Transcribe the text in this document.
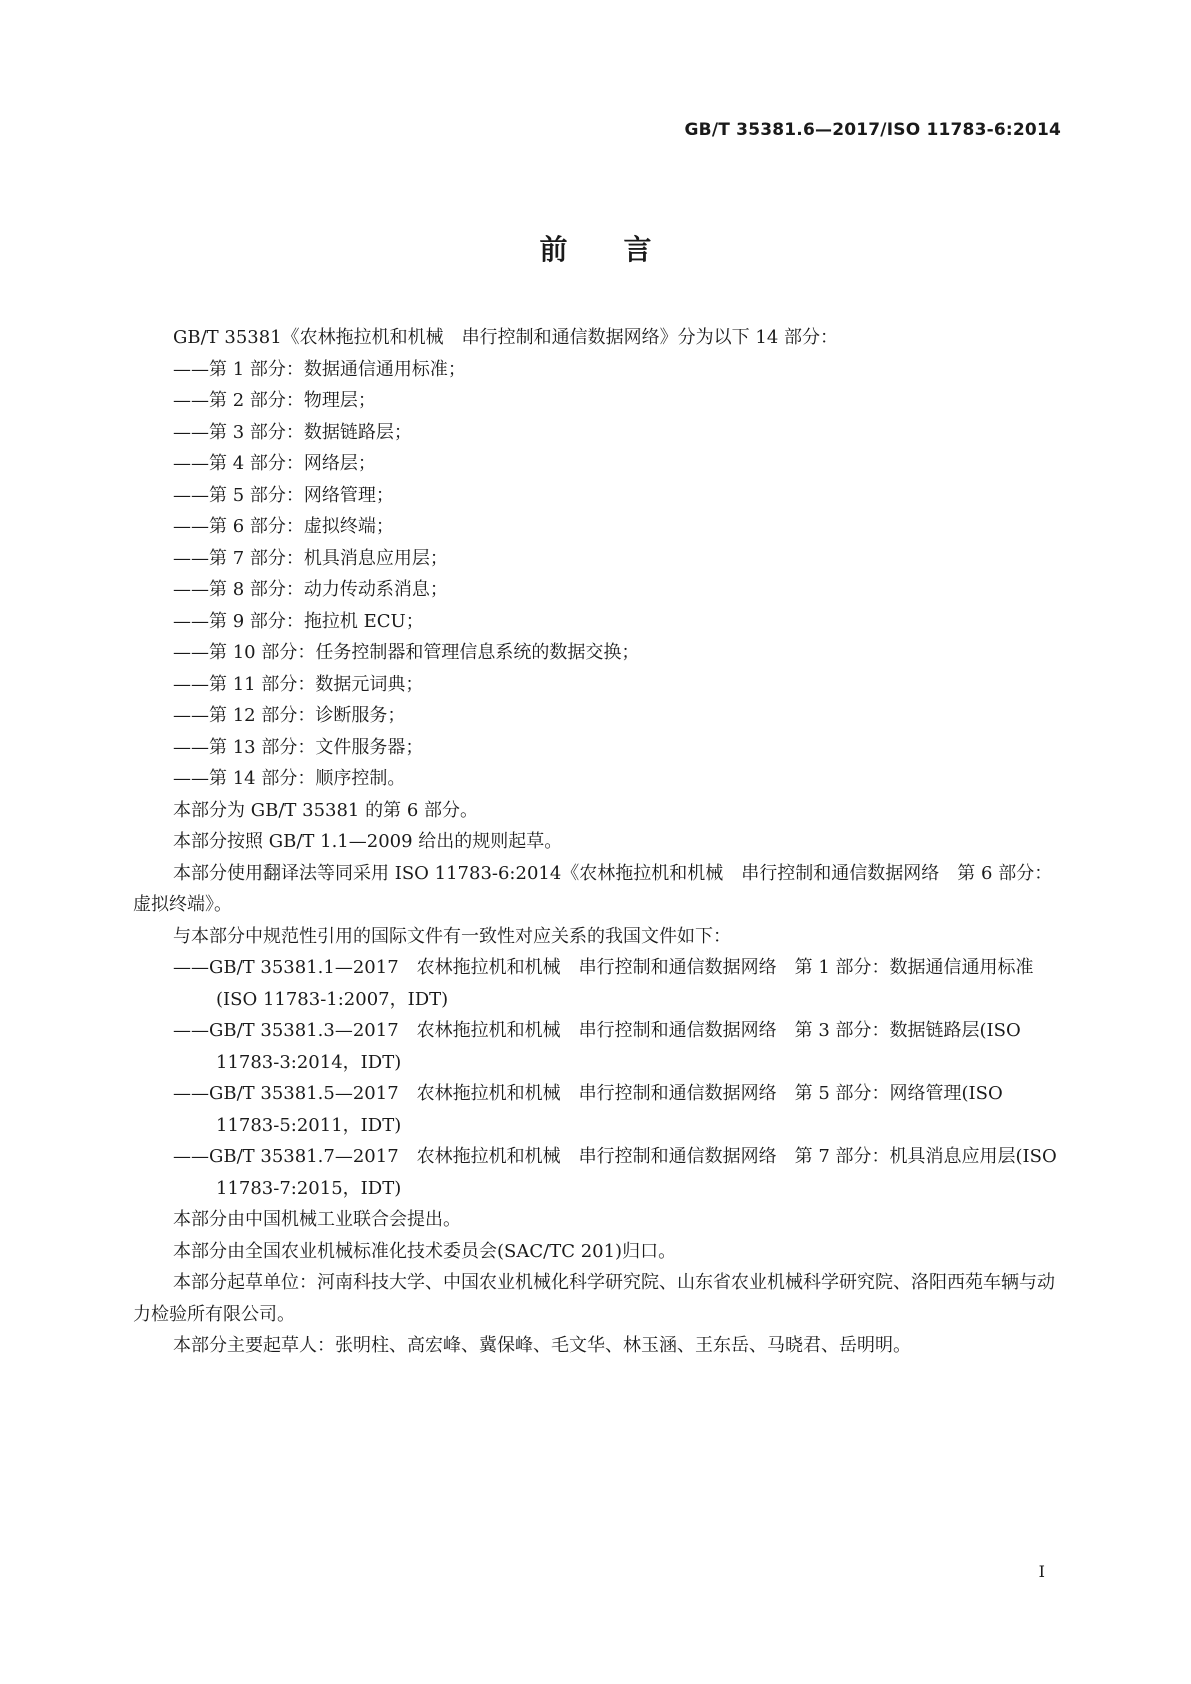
GB/T 35381.6—2017/ISO 11783-6:2014
前言

GB/T 35381《农林拖拉机和机械　串行控制和通信数据网络》分为以下 14 部分：

——第 1 部分：数据通信通用标准；

——第 2 部分：物理层；

——第 3 部分：数据链路层；

——第 4 部分：网络层；

——第 5 部分：网络管理；

——第 6 部分：虚拟终端；

——第 7 部分：机具消息应用层；

——第 8 部分：动力传动系消息；

——第 9 部分：拖拉机 ECU；

——第 10 部分：任务控制器和管理信息系统的数据交换；

——第 11 部分：数据元词典；

——第 12 部分：诊断服务；

——第 13 部分：文件服务器；

——第 14 部分：顺序控制。

本部分为 GB/T 35381 的第 6 部分。

本部分按照 GB/T 1.1—2009 给出的规则起草。

本部分使用翻译法等同采用 ISO 11783-6:2014《农林拖拉机和机械　串行控制和通信数据网络　第 6 部分：虚拟终端》。

与本部分中规范性引用的国际文件有一致性对应关系的我国文件如下：

——GB/T 35381.1—2017　农林拖拉机和机械　串行控制和通信数据网络　第 1 部分：数据通信通用标准(ISO 11783-1:2007，IDT)

——GB/T 35381.3—2017　农林拖拉机和机械　串行控制和通信数据网络　第 3 部分：数据链路层(ISO 11783-3:2014，IDT)

——GB/T 35381.5—2017　农林拖拉机和机械　串行控制和通信数据网络　第 5 部分：网络管理(ISO 11783-5:2011，IDT)

——GB/T 35381.7—2017　农林拖拉机和机械　串行控制和通信数据网络　第 7 部分：机具消息应用层(ISO 11783-7:2015，IDT)

本部分由中国机械工业联合会提出。

本部分由全国农业机械标准化技术委员会(SAC/TC 201)归口。

本部分起草单位：河南科技大学、中国农业机械化科学研究院、山东省农业机械科学研究院、洛阳西苑车辆与动力检验所有限公司。

本部分主要起草人：张明柱、高宏峰、冀保峰、毛文华、林玉涵、王东岳、马晓君、岳明明。

I
